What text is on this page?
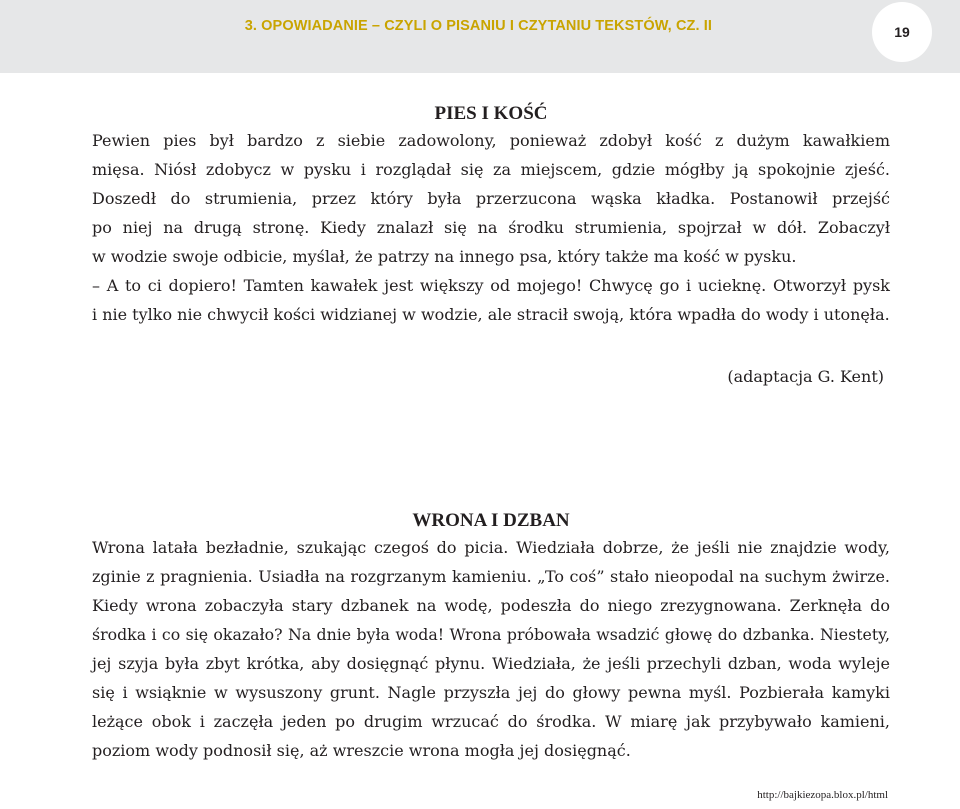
3. OPOWIADANIE – CZYLI O PISANIU I CZYTANIU TEKSTÓW, CZ. II	19
PIES I KOŚĆ
Pewien pies był bardzo z siebie zadowolony, ponieważ zdobył kość z dużym kawałkiem
mięsa. Niósł zdobycz w pysku i rozglądał się za miejscem, gdzie mógłby ją spokojnie zjeść.
Doszedł do strumienia, przez który była przerzucona wąska kładka. Postanowił przejść
po niej na drugą stronę. Kiedy znalazł się na środku strumienia, spojrzał w dół. Zobaczył
w wodzie swoje odbicie, myślał, że patrzy na innego psa, który także ma kość w pysku.
– A to ci dopiero! Tamten kawałek jest większy od mojego! Chwycę go i ucieknę. Otworzył pysk
i nie tylko nie chwycił kości widzianej w wodzie, ale stracił swoją, która wpadła do wody i utonęła.
(adaptacja G. Kent)
WRONA I DZBAN
Wrona latała bezładnie, szukając czegoś do picia. Wiedziała dobrze, że jeśli nie znajdzie wody,
zginie z pragnienia. Usiadła na rozgrzanym kamieniu. „To coś” stało nieopodal na suchym żwirze.
Kiedy wrona zobaczyła stary dzbanek na wodę, podeszła do niego zrezygnowana. Zerknęła do
środka i co się okazało? Na dnie była woda! Wrona próbowała wsadzić głowę do dzbanka. Niestety,
jej szyja była zbyt krótka, aby dosięgnąć płynu. Wiedziała, że jeśli przechyli dzban, woda wyleje
się i wsiąknie w wysuszony grunt. Nagle przyszła jej do głowy pewna myśl. Pozbierała kamyki
leżące obok i zaczęła jeden po drugim wrzucać do środka. W miarę jak przybywało kamieni,
poziom wody podnosił się, aż wreszcie wrona mogła jej dosięgnąć.
http://bajkiezopa.blox.pl/html
